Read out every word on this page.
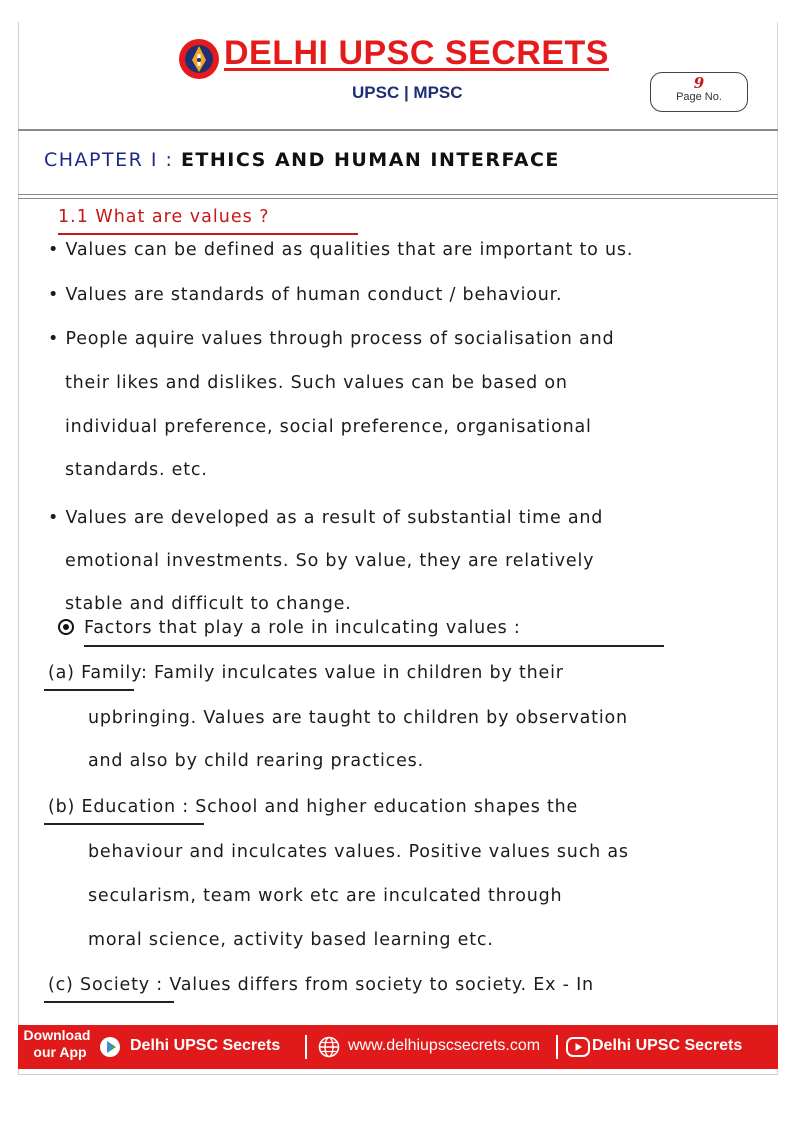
DELHI UPSC SECRETS
UPSC | MPSC	9
Page No.
CHAPTER I : ETHICS AND HUMAN INTERFACE
1.1 What are values ?
• Values can be defined as qualities that are important to us.
• Values are standards of human conduct / behaviour.
• People aquire values through process of socialisation and
their likes and dislikes. Such values can be based on
individual preference, social preference, organisational
standards. etc.
• Values are developed as a result of substantial time and
emotional investments. So by value, they are relatively
stable and difficult to change.
Factors that play a role in inculcating values :
(a) Family: Family inculcates value in children by their
upbringing. Values are taught to children by observation
and also by child rearing practices.
(b) Education : School and higher education shapes the
behaviour and inculcates values. Positive values such as
secularism, team work etc are inculcated through
moral science, activity based learning etc.
(c) Society : Values differs from society to society. Ex - In
Download
our App	Delhi UPSC Secrets	www.delhiupscsecrets.com	Delhi UPSC Secrets
